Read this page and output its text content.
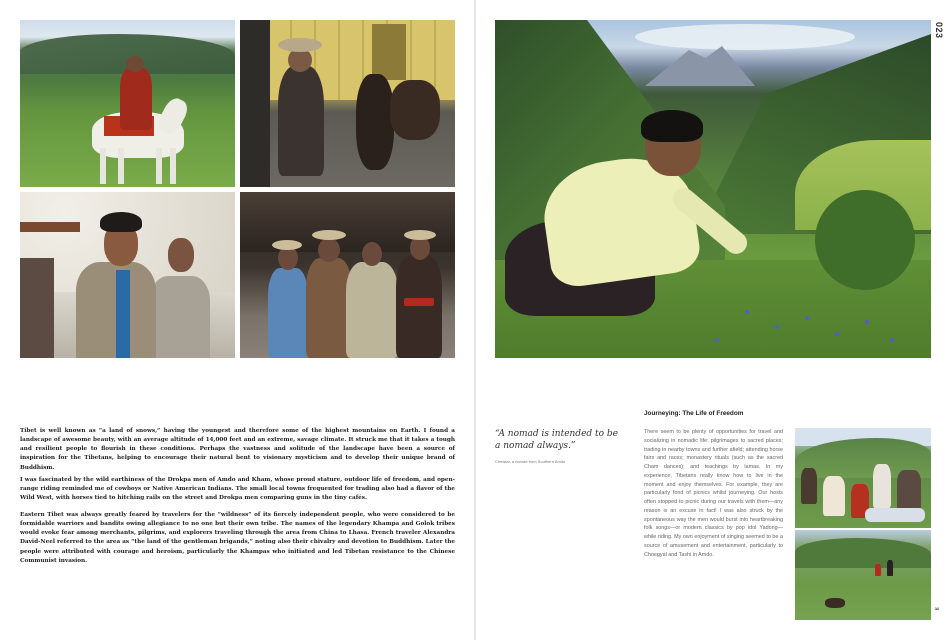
Tibet is well known as “a land of snows,” having the youngest and therefore some of the highest mountains on Earth. I found a landscape of awesome beauty, with an average altitude of 14,000 feet and an extreme, savage climate. It struck me that it takes a tough and resilient people to flourish in these conditions. Perhaps the vastness and solitude of the landscape have been a source of inspiration for the Tibetans, helping to encourage their natural bent to visionary mysticism and to develop their unique brand of Buddhism.

I was fascinated by the wild earthiness of the Drokpa men of Amdo and Kham, whose proud stature, outdoor life of freedom, and open-range riding reminded me of cowboys or Native American Indians. The small local towns frequented for trading also had a flavor of the Wild West, with horses tied to hitching rails on the street and Drokpa men comparing guns in the tiny cafés.

Eastern Tibet was always greatly feared by travelers for the “wildness” of its fiercely independent people, who were considered to be formidable warriors and bandits owing allegiance to no one but their own tribe. The names of the legendary Khampa and Golok tribes would evoke fear among merchants, pilgrims, and explorers traveling through the area from China to Lhasa. French traveler Alexandra David-Neel referred to the area as “the land of the gentleman brigands,” noting also their chivalry and devotion to Buddhism. Later the people were attributed with courage and heroism, particularly the Khampas who initiated and led Tibetan resistance to the Chinese Communist invasion.

023

“A nomad is intended to be a nomad always.”

Chewtar, a nomad from Southern Amdo

Journeying: The Life of Freedom

There seem to be plenty of opportunities for travel and socializing in nomadic life: pilgrimages to sacred places; trading in nearby towns and further afield; attending horse fairs and races; monastery rituals (such as the sacred Cham dances); and teachings by lamas. In my experience, Tibetans really know how to live in the moment and enjoy themselves. For example, they are particularly fond of picnics whilst journeying. Our hosts often stopped to picnic during our travels with them—any reason is an excuse in fact! I was also struck by the spontaneous way the men would burst into heartbreaking folk songs—or modern classics by pop idol Yadong—while riding. My own enjoyment of singing seemed to be a source of amusement and entertainment, particularly to Choegyal and Tashi in Amdo.

∞
